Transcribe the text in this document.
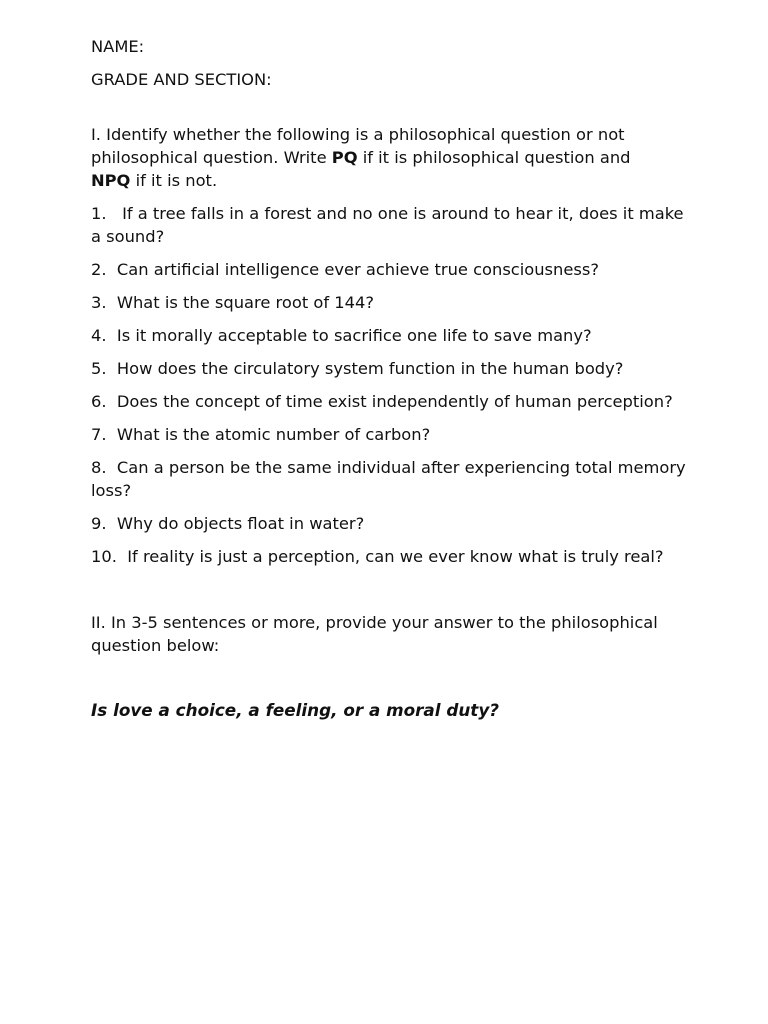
NAME:

GRADE AND SECTION:

I. Identify whether the following is a philosophical question or not philosophical question. Write PQ if it is philosophical question and
NPQ if it is not.

1.   If a tree falls in a forest and no one is around to hear it, does it make a sound?

2.  Can artificial intelligence ever achieve true consciousness?

3.  What is the square root of 144?

4.  Is it morally acceptable to sacrifice one life to save many?

5.  How does the circulatory system function in the human body?

6.  Does the concept of time exist independently of human perception?

7.  What is the atomic number of carbon?

8.  Can a person be the same individual after experiencing total memory loss?

9.  Why do objects float in water?

10.  If reality is just a perception, can we ever know what is truly real?

II. In 3-5 sentences or more, provide your answer to the philosophical question below:

Is love a choice, a feeling, or a moral duty?
